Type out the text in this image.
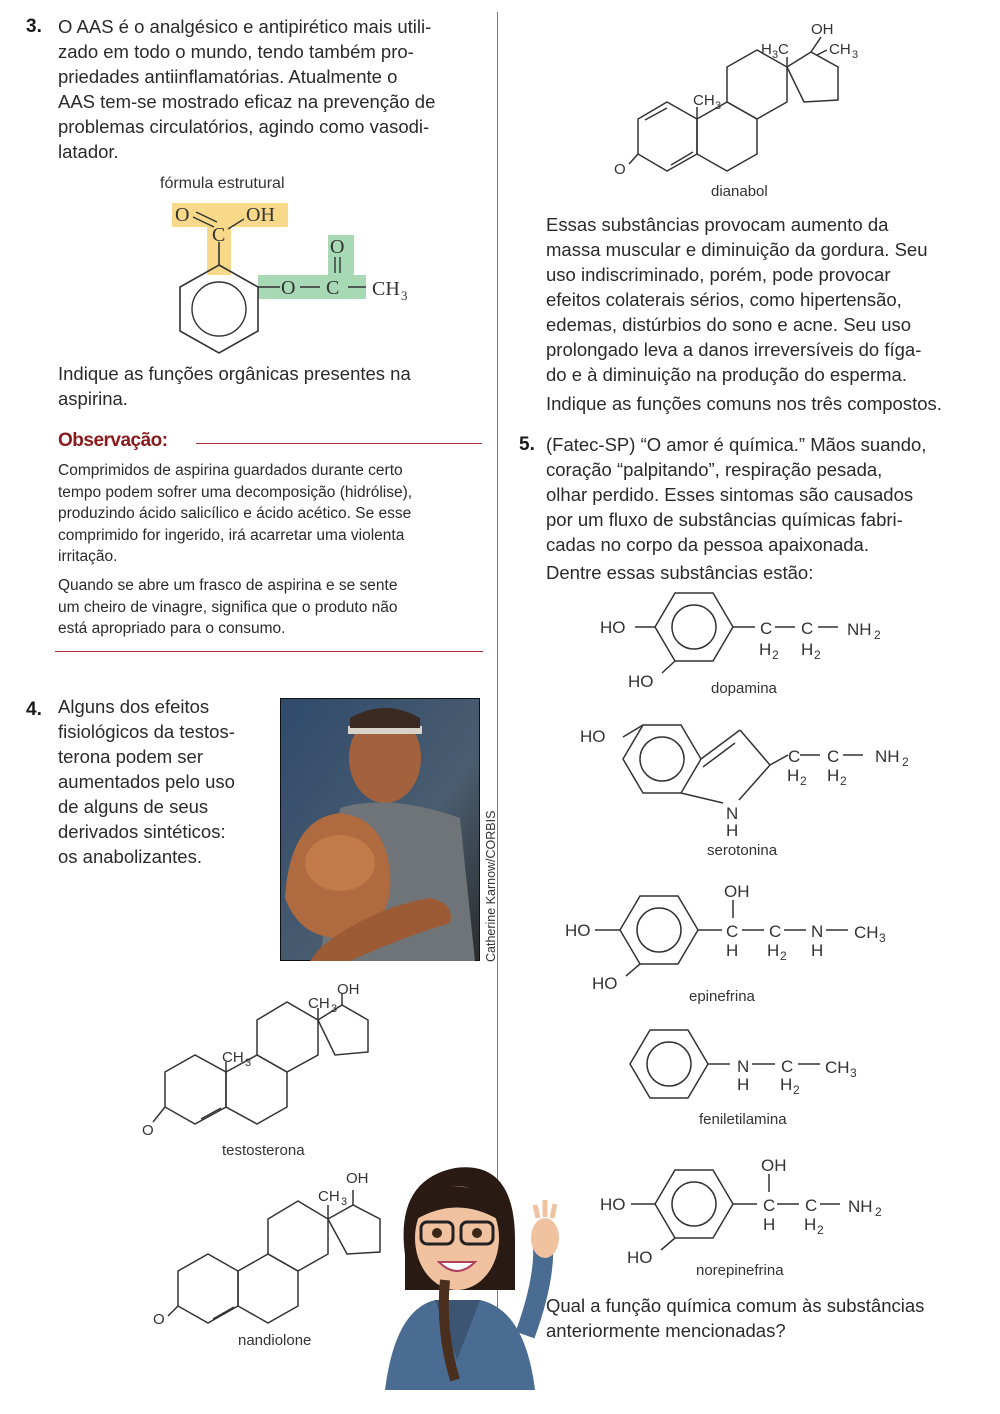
3. O AAS é o analgésico e antipirético mais utili-
zado em todo o mundo, tendo também pro-
priedades antiinflamatórias. Atualmente o
AAS tem-se mostrado eficaz na prevenção de
problemas circulatórios, agindo como vasodi-
latador.
fórmula estrutural
O
C
OH
O C
O
CH 3
Indique as funções orgânicas presentes na
aspirina.
Observação:
Comprimidos de aspirina guardados durante certo
tempo podem sofrer uma decomposição (hidrólise),
produzindo ácido salicílico e ácido acético. Se esse
comprimido for ingerido, irá acarretar uma violenta
irritação.
Quando se abre um frasco de aspirina e se sente
um cheiro de vinagre, significa que o produto não
está apropriado para o consumo.
4. Alguns dos efeitos
fisiológicos da testos-
terona podem ser
aumentados pelo uso
de alguns de seus
derivados sintéticos:
os anabolizantes.	Catherine Karnow/CORBIS
O
CH 3
CH 3
OH
testosterona
O
CH 3
OH
nandiolone
O
CH 3
H 3 C
OH
CH 3
dianabol
Essas substâncias provocam aumento da
massa muscular e diminuição da gordura. Seu
uso indiscriminado, porém, pode provocar
efeitos colaterais sérios, como hipertensão,
edemas, distúrbios do sono e acne. Seu uso
prolongado leva a danos irreversíveis do fíga-
do e à diminuição na produção do esperma.
Indique as funções comuns nos três compostos.
5. (Fatec-SP) “O amor é química.” Mãos suando,
coração “palpitando”, respiração pesada,
olhar perdido. Esses sintomas são causados
por um fluxo de substâncias químicas fabri-
cadas no corpo da pessoa apaixonada.
Dentre essas substâncias estão:
HO
HO
C C
H 2 H 2
NH 2
dopamina
HO
N
H
C C
H 2 H 2
NH 2
serotonina
HO
HO
OH
C
H
C
H 2
N
H
CH 3
epinefrina
N
H
C
H 2
CH 3
feniletilamina
HO
HO
OH
C
H
C
H 2
NH 2
norepinefrina
Qual a função química comum às substâncias
anteriormente mencionadas?
